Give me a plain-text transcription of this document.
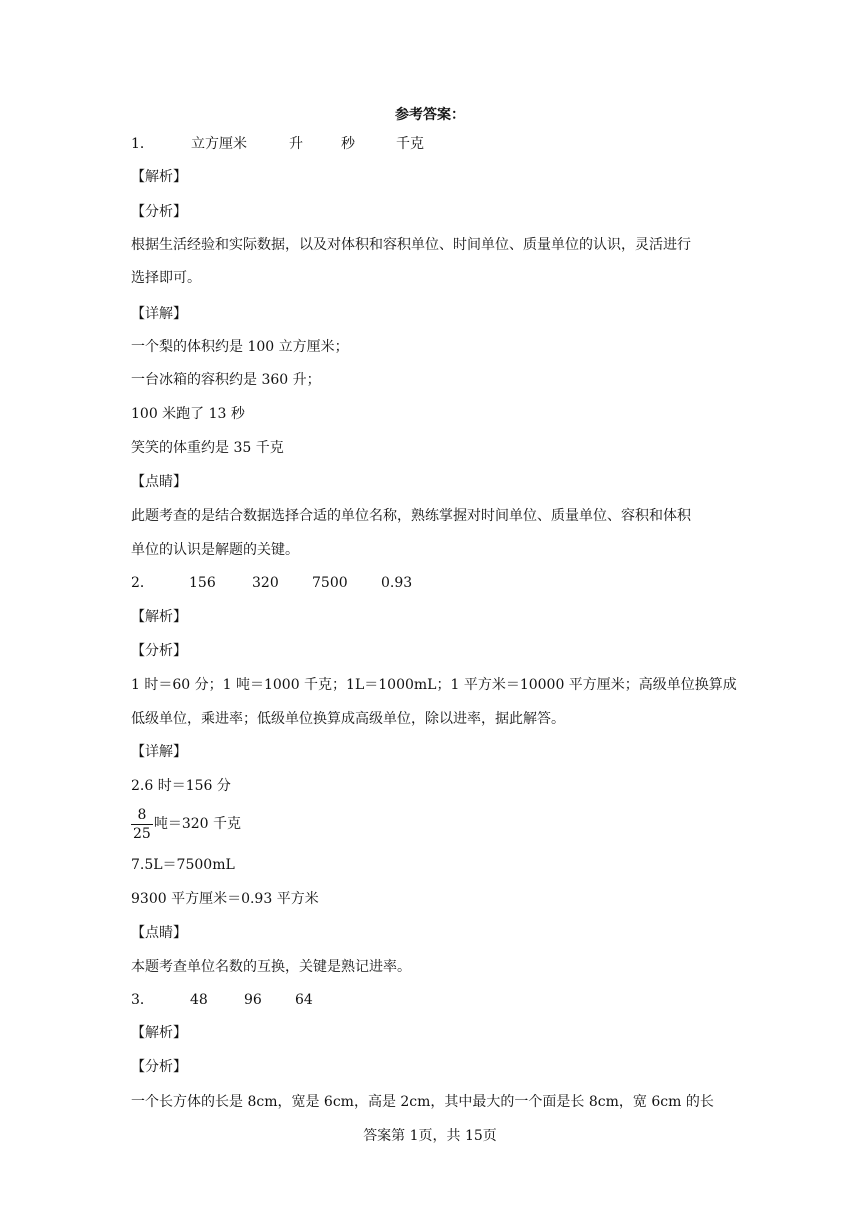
参考答案：
1．	立方厘米	升	秒	千克
【解析】
【分析】
根据生活经验和实际数据，以及对体积和容积单位、时间单位、质量单位的认识，灵活进行
选择即可。
【详解】
一个梨的体积约是 100 立方厘米；
一台冰箱的容积约是 360 升；
100 米跑了 13 秒
笑笑的体重约是 35 千克
【点睛】
此题考查的是结合数据选择合适的单位名称，熟练掌握对时间单位、质量单位、容积和体积
单位的认识是解题的关键。
2．	156	320 7500 0.93
【解析】
【分析】
1 时＝60 分；1 吨＝1000 千克；1L＝1000mL；1 平方米＝10000 平方厘米；高级单位换算成
低级单位，乘进率；低级单位换算成高级单位，除以进率，据此解答。
【详解】
2.6 时＝156 分
$\frac{8}{25}$ 吨＝320 千克
7.5L＝7500mL
9300 平方厘米＝0.93 平方米
【点睛】
本题考查单位名数的互换，关键是熟记进率。
3．	48	96 64
【解析】
【分析】
一个长方体的长是 8cm，宽是 6cm，高是 2cm，其中最大的一个面是长 8cm，宽 6cm 的长
答案第 1页，共 15页
